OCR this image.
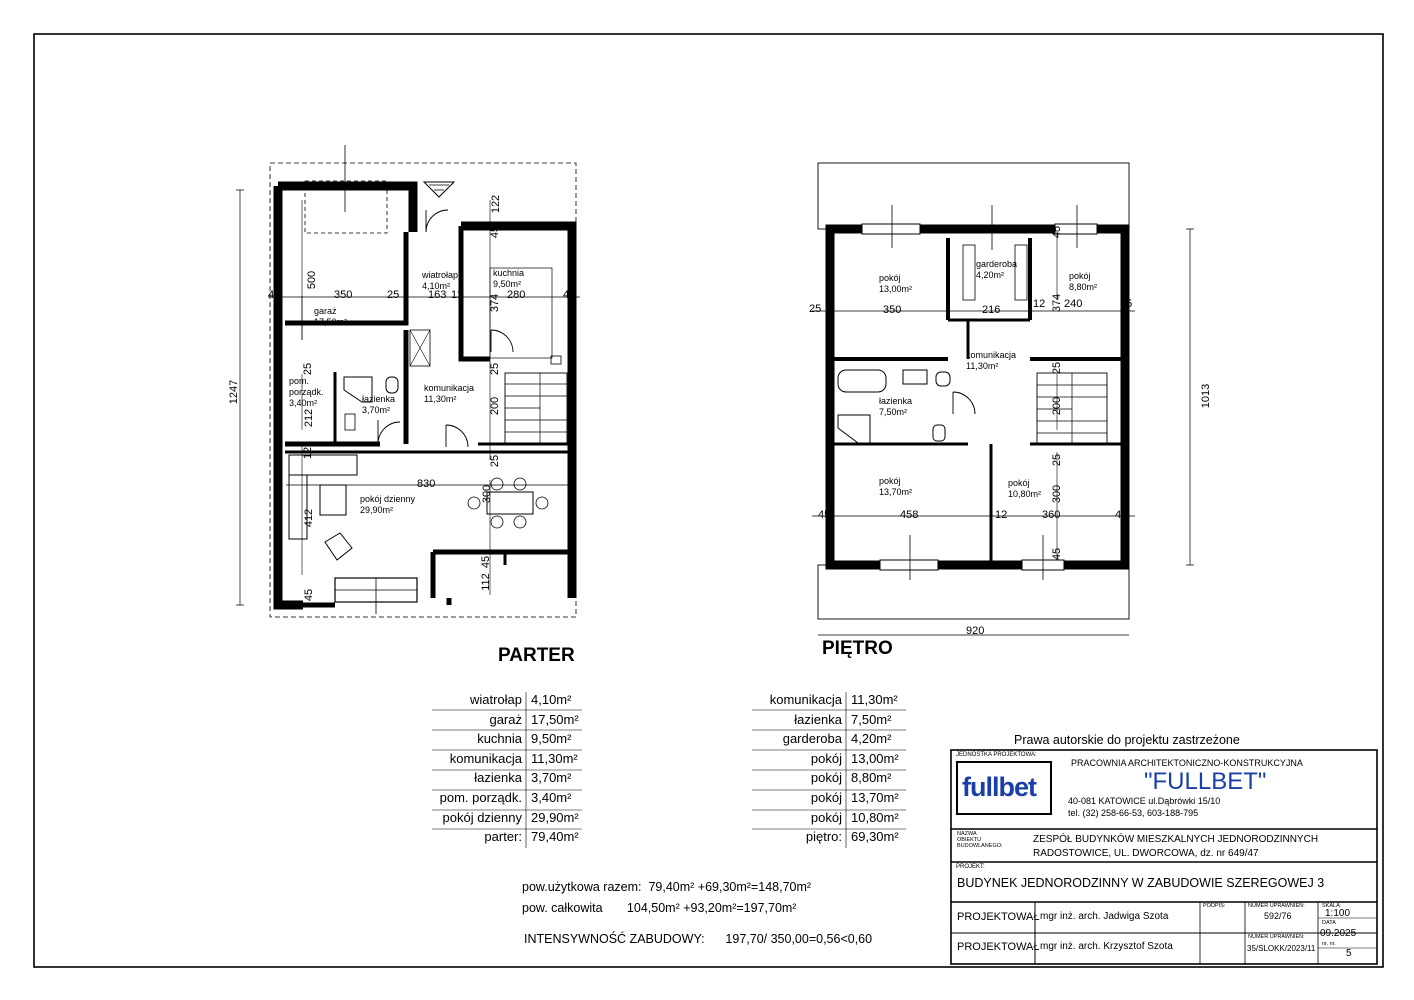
wiatrołap
4,10m²
kuchnia
9,50m²
garaż
17,50m²
pom.
porządk.
3,40m²	łazienka
3,70m²
komunikacja
11,30m²
pokój dzienny
29,90m²
500
1247
350	25	163 12	280
45	45
122
45
374
25
200
25
212
12
830
300
412
45
45
112
25
PARTER
pokój
13,00m²
garderoba
4,20m²	pokój
8,80m²
komunikacja
11,30m²
łazienka
7,50m²
pokój
13,70m²
pokój
10,80m²
25	350	216	12 240	25
45
374
25
200
25
300
45	458	12	360	45
45
1013
920
PIĘTRO
wiatrołap 4,10m²
garaż 17,50m²
kuchnia 9,50m²
komunikacja 11,30m²
łazienka 3,70m²
pom. porządk. 3,40m²
pokój dzienny 29,90m²
parter: 79,40m²
komunikacja 11,30m²
łazienka 7,50m²
garderoba 4,20m²
pokój 13,00m²
pokój 8,80m²
pokój 13,70m²
pokój 10,80m²
piętro: 69,30m²
pow.użytkowa razem: 79,40m² +69,30m²=148,70m²
pow. całkowita 104,50m² +93,20m²=197,70m²
INTENSYWNOŚĆ ZABUDOWY: 197,70/ 350,00=0,56<0,60
Prawa autorskie do projektu zastrzeżone
JEDNOSTKA PROJEKTOWA:
fullbet
PRACOWNIA ARCHITEKTONICZNO-KONSTRUKCYJNA
"FULLBET"
40-081 KATOWICE ul.Dąbrówki 15/10
tel. (32) 258-66-53, 603-188-795
NAZWA
OBIEKTU
BUDOWLANEGO:
ZESPÓŁ BUDYNKÓW MIESZKALNYCH JEDNORODZINNYCH
RADOSTOWICE, UL. DWORCOWA, dz. nr 649/47
PROJEKT:
BUDYNEK JEDNORODZINNY W ZABUDOWIE SZEREGOWEJ 3
PROJEKTOWAŁ mgr inż. arch. Jadwiga Szota
PODPIS:	NUMER UPRAWNIEŃ:
592/76
SKALA:
1:100
PROJEKTOWAŁ mgr inż. arch. Krzysztof Szota
NUMER UPRAWNIEŃ:
35/SLOKK/2023/11
DATA
09.2025
nr. nr.
5
